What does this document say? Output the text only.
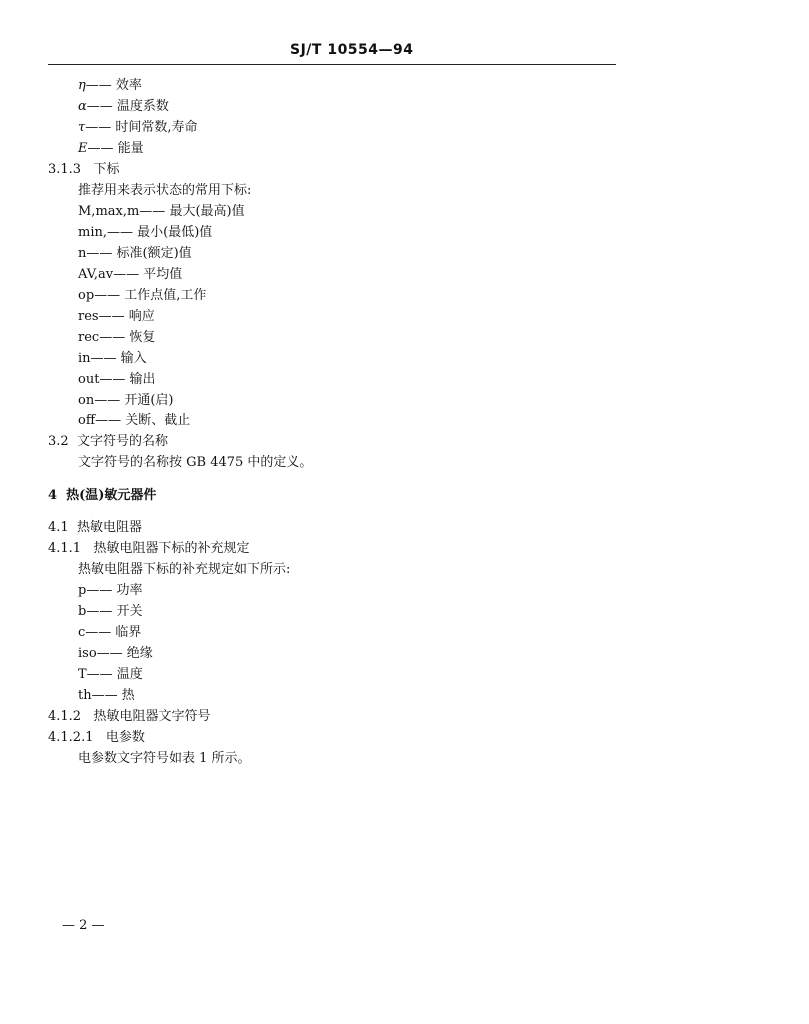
SJ/T 10554—94
η—— 效率
α—— 温度系数
τ—— 时间常数,寿命
E—— 能量
3.1.3 下标
推荐用来表示状态的常用下标:
M,max,m—— 最大(最高)值
min,—— 最小(最低)值
n—— 标准(额定)值
AV,av—— 平均值
op—— 工作点值,工作
res—— 响应
rec—— 恢复
in—— 输入
out—— 输出
on—— 开通(启)
off—— 关断、截止
3.2 文字符号的名称
文字符号的名称按 GB 4475 中的定义。
4 热(温)敏元器件
4.1 热敏电阻器
4.1.1 热敏电阻器下标的补充规定
热敏电阻器下标的补充规定如下所示:
p—— 功率
b—— 开关
c—— 临界
iso—— 绝缘
T—— 温度
th—— 热
4.1.2 热敏电阻器文字符号
4.1.2.1 电参数
电参数文字符号如表 1 所示。
— 2 —
